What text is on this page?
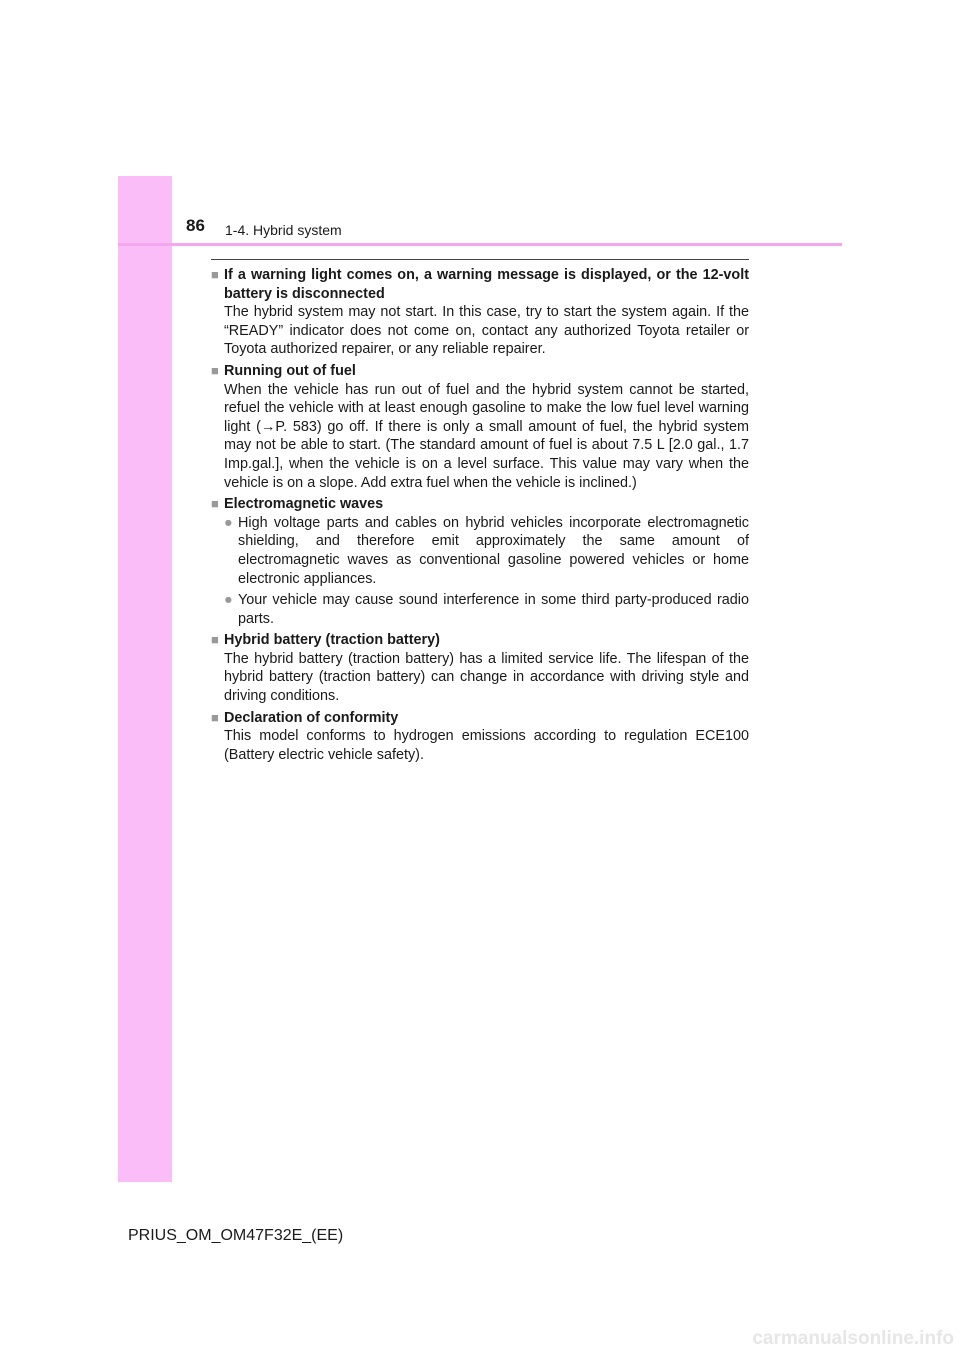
86 1-4. Hybrid system
■ If a warning light comes on, a warning message is displayed, or the 12-volt battery is disconnected
The hybrid system may not start. In this case, try to start the system again. If the “READY” indicator does not come on, contact any authorized Toyota retailer or Toyota authorized repairer, or any reliable repairer.
■ Running out of fuel
When the vehicle has run out of fuel and the hybrid system cannot be started, refuel the vehicle with at least enough gasoline to make the low fuel level warning light (→P. 583) go off. If there is only a small amount of fuel, the hybrid system may not be able to start. (The standard amount of fuel is about 7.5 L [2.0 gal., 1.7 Imp.gal.], when the vehicle is on a level surface. This value may vary when the vehicle is on a slope. Add extra fuel when the vehicle is inclined.)
■ Electromagnetic waves
● High voltage parts and cables on hybrid vehicles incorporate electromagnetic shielding, and therefore emit approximately the same amount of electromagnetic waves as conventional gasoline powered vehicles or home electronic appliances.
● Your vehicle may cause sound interference in some third party-produced radio parts.
■ Hybrid battery (traction battery)
The hybrid battery (traction battery) has a limited service life. The lifespan of the hybrid battery (traction battery) can change in accordance with driving style and driving conditions.
■ Declaration of conformity
This model conforms to hydrogen emissions according to regulation ECE100 (Battery electric vehicle safety).
PRIUS_OM_OM47F32E_(EE)
carmanualsonline.info
